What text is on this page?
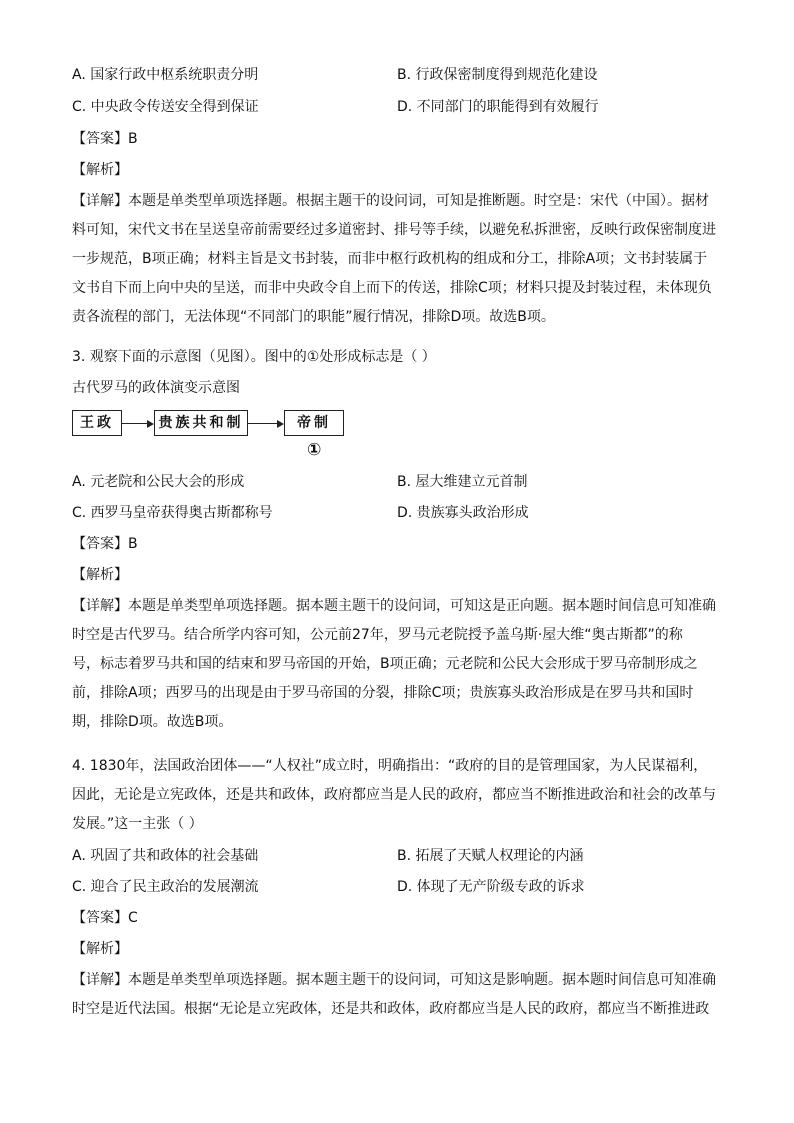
A. 国家行政中枢系统职责分明	B. 行政保密制度得到规范化建设
C. 中央政令传送安全得到保证	D. 不同部门的职能得到有效履行
【答案】B
【解析】
【详解】本题是单类型单项选择题。根据主题干的设问词，可知是推断题。时空是：宋代（中国）。据材
料可知，宋代文书在呈送皇帝前需要经过多道密封、排号等手续，以避免私拆泄密，反映行政保密制度进
一步规范，B项正确；材料主旨是文书封装，而非中枢行政机构的组成和分工，排除A项；文书封装属于
文书自下而上向中央的呈送，而非中央政令自上而下的传送，排除C项；材料只提及封装过程，未体现负
责各流程的部门，无法体现“不同部门的职能”履行情况，排除D项。故选B项。
3. 观察下面的示意图（见图）。图中的①处形成标志是（ ）
古代罗马的政体演变示意图
王政	贵族共和制	帝制
①
A. 元老院和公民大会的形成	B. 屋大维建立元首制
C. 西罗马皇帝获得奥古斯都称号	D. 贵族寡头政治形成
【答案】B
【解析】
【详解】本题是单类型单项选择题。据本题主题干的设问词，可知这是正向题。据本题时间信息可知准确
时空是古代罗马。结合所学内容可知，公元前27年，罗马元老院授予盖乌斯·屋大维“奥古斯都”的称
号，标志着罗马共和国的结束和罗马帝国的开始，B项正确；元老院和公民大会形成于罗马帝制形成之
前，排除A项；西罗马的出现是由于罗马帝国的分裂，排除C项；贵族寡头政治形成是在罗马共和国时
期，排除D项。故选B项。
4. 1830年，法国政治团体——“人权社”成立时，明确指出：“政府的目的是管理国家，为人民谋福利，
因此，无论是立宪政体，还是共和政体，政府都应当是人民的政府，都应当不断推进政治和社会的改革与
发展。”这一主张（ ）
A. 巩固了共和政体的社会基础	B. 拓展了天赋人权理论的内涵
C. 迎合了民主政治的发展潮流	D. 体现了无产阶级专政的诉求
【答案】C
【解析】
【详解】本题是单类型单项选择题。据本题主题干的设问词，可知这是影响题。据本题时间信息可知准确
时空是近代法国。根据“无论是立宪政体，还是共和政体，政府都应当是人民的政府，都应当不断推进政
